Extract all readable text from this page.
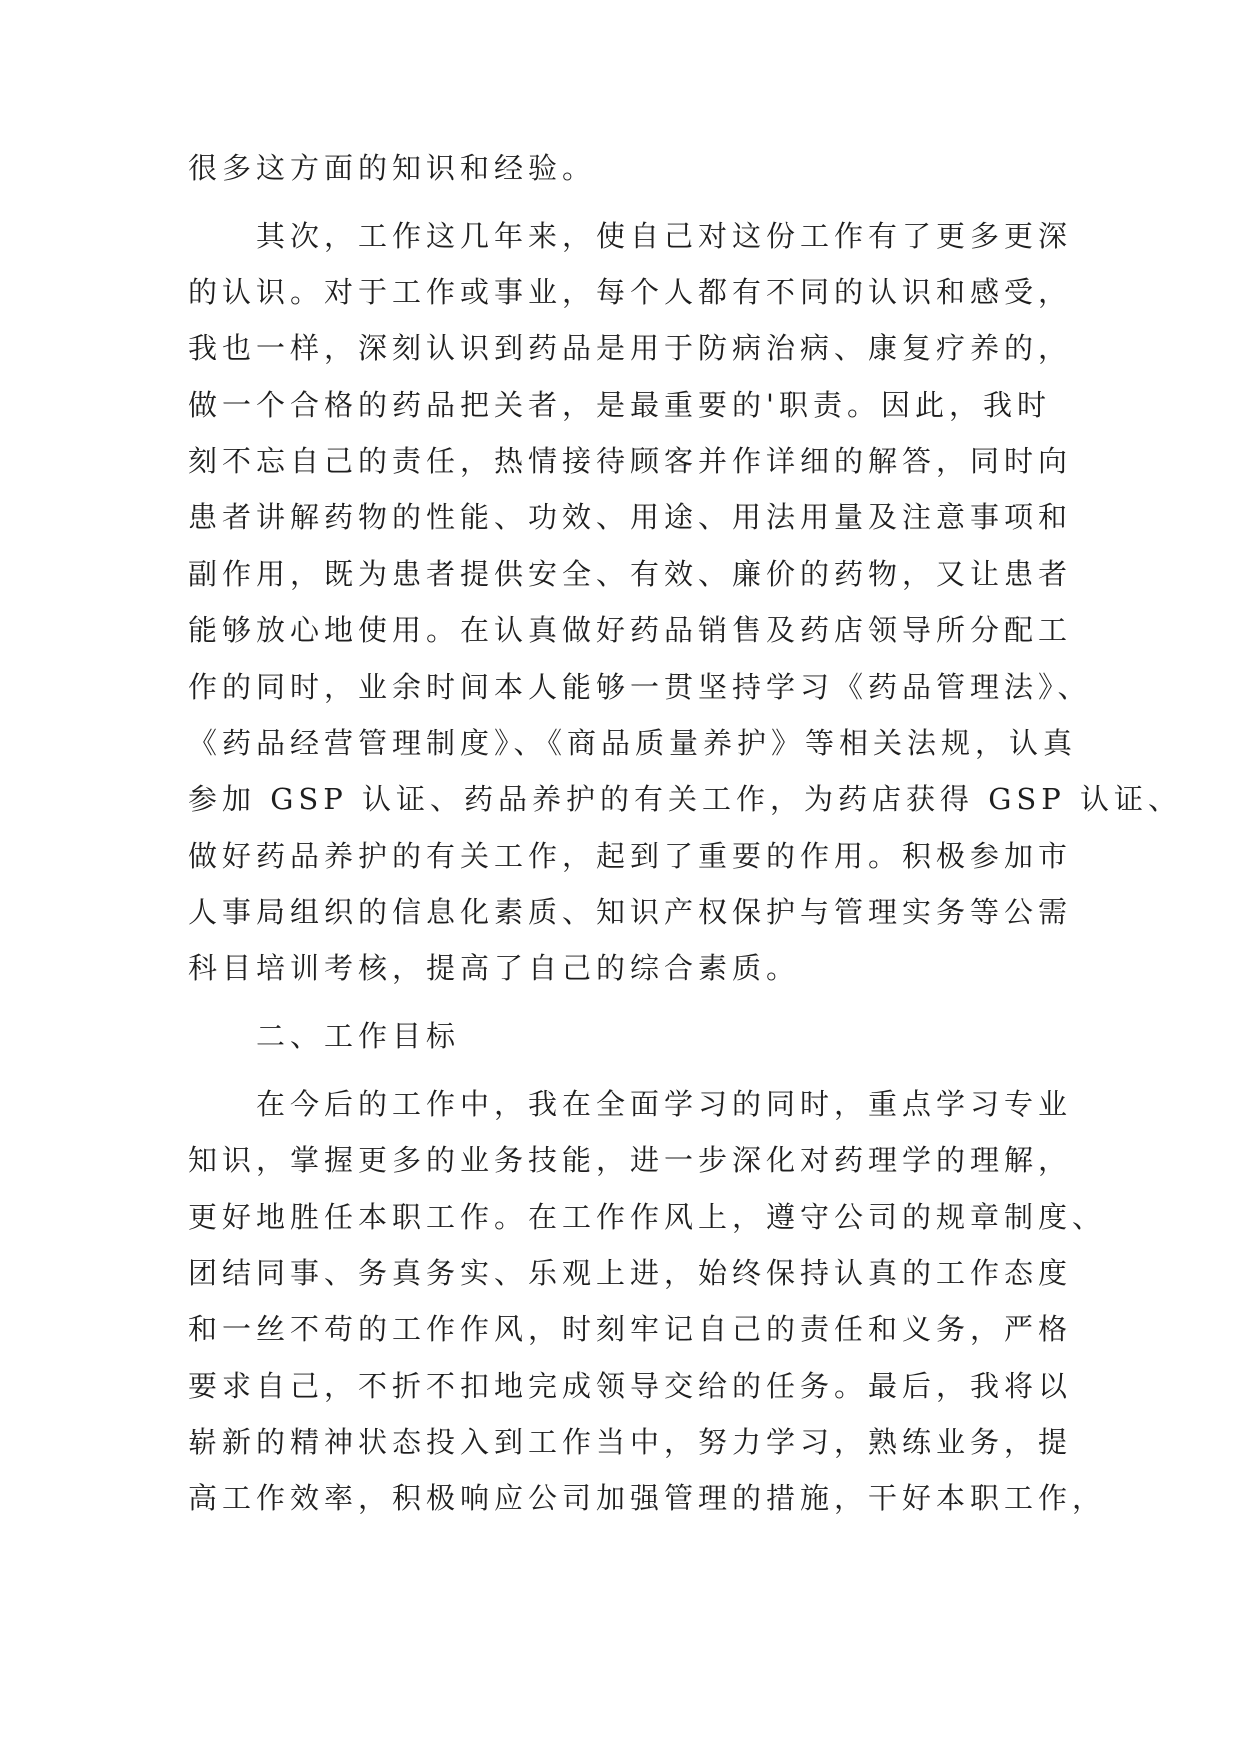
很多这方面的知识和经验。
其次，工作这几年来，使自己对这份工作有了更多更深
的认识。对于工作或事业，每个人都有不同的认识和感受，
我也一样，深刻认识到药品是用于防病治病、康复疗养的，
做一个合格的药品把关者，是最重要的'职责。因此，我时
刻不忘自己的责任，热情接待顾客并作详细的解答，同时向
患者讲解药物的性能、功效、用途、用法用量及注意事项和
副作用，既为患者提供安全、有效、廉价的药物，又让患者
能够放心地使用。在认真做好药品销售及药店领导所分配工
作的同时，业余时间本人能够一贯坚持学习《药品管理法》、
《药品经营管理制度》、《商品质量养护》等相关法规，认真
参加 GSP 认证、药品养护的有关工作，为药店获得 GSP 认证、
做好药品养护的有关工作，起到了重要的作用。积极参加市
人事局组织的信息化素质、知识产权保护与管理实务等公需
科目培训考核，提高了自己的综合素质。
二、工作目标
在今后的工作中，我在全面学习的同时，重点学习专业
知识，掌握更多的业务技能，进一步深化对药理学的理解，
更好地胜任本职工作。在工作作风上，遵守公司的规章制度、
团结同事、务真务实、乐观上进，始终保持认真的工作态度
和一丝不苟的工作作风，时刻牢记自己的责任和义务，严格
要求自己，不折不扣地完成领导交给的任务。最后，我将以
崭新的精神状态投入到工作当中，努力学习，熟练业务，提
高工作效率，积极响应公司加强管理的措施，干好本职工作，
